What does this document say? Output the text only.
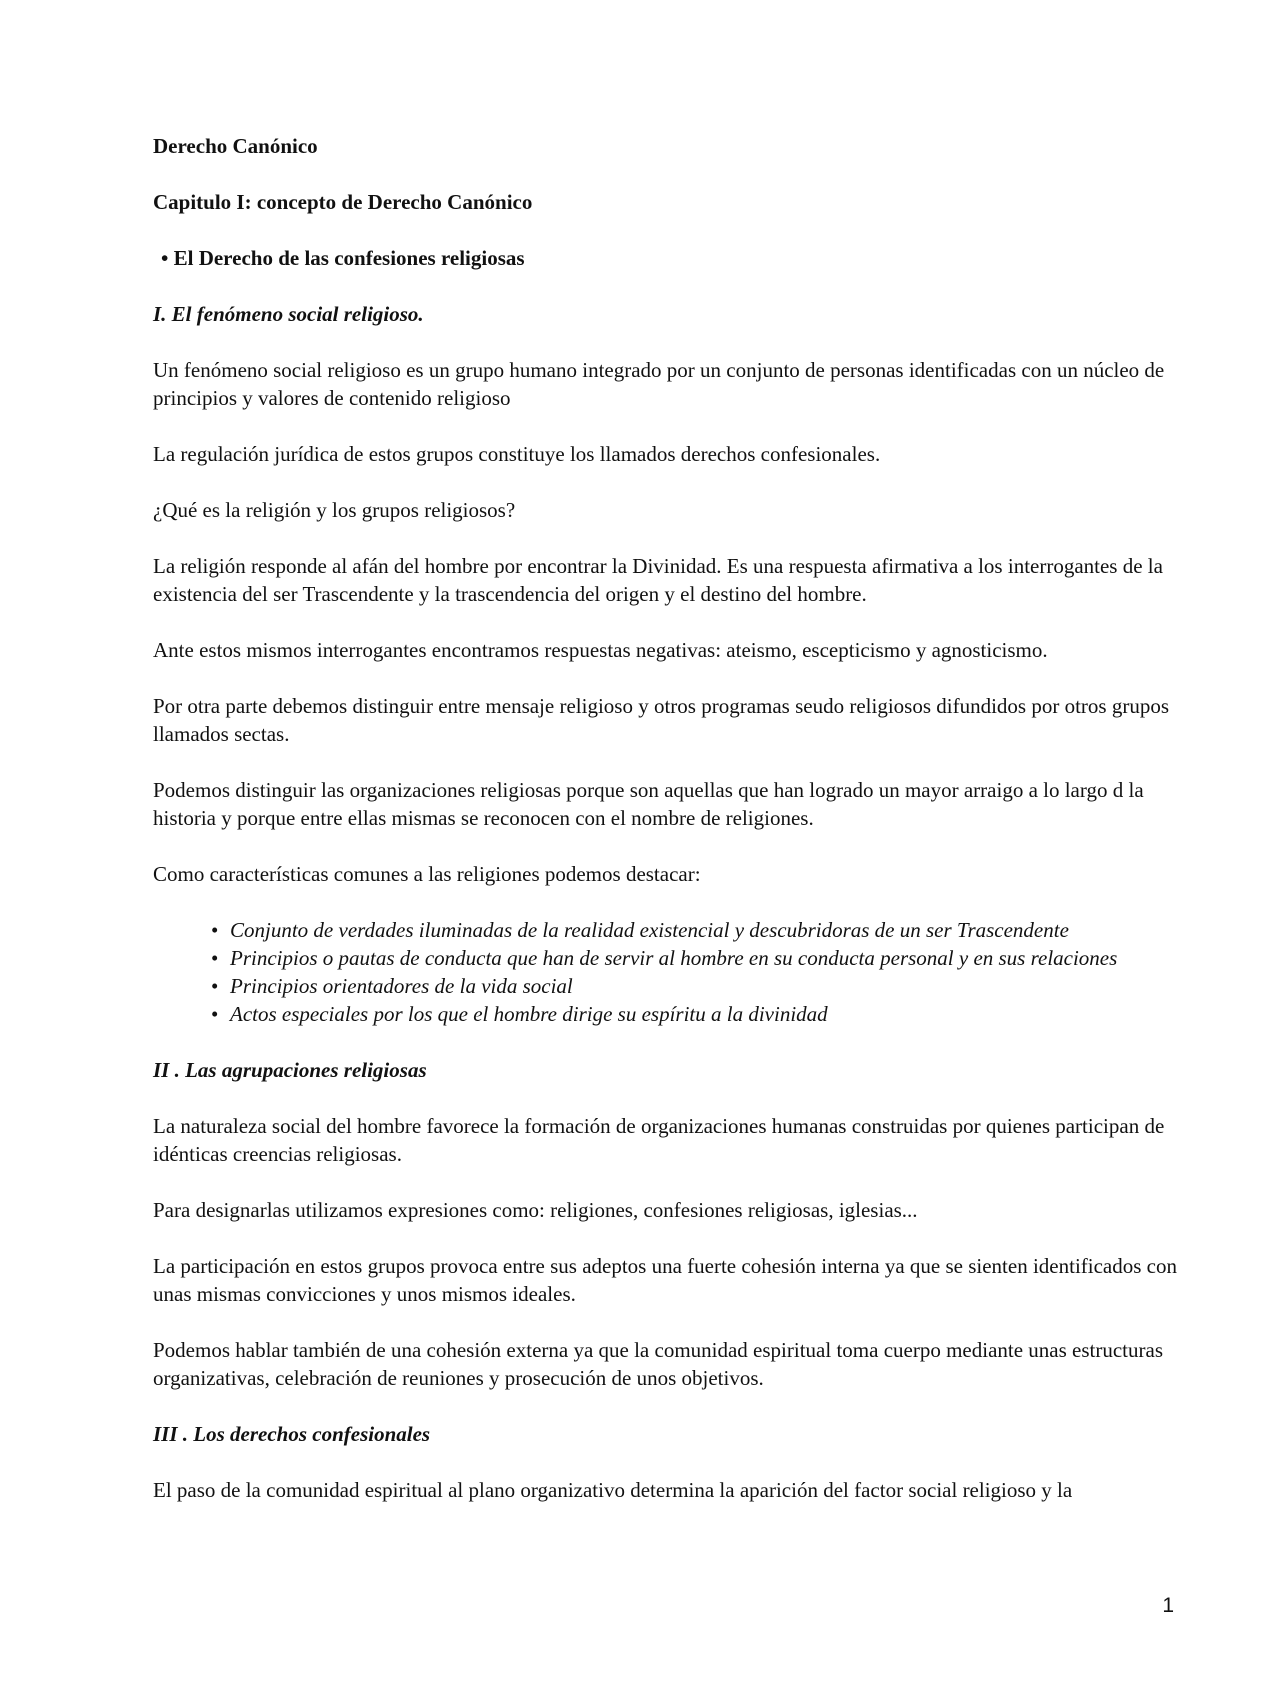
Derecho Canónico

Capitulo I: concepto de Derecho Canónico

• El Derecho de las confesiones religiosas

I. El fenómeno social religioso.

Un fenómeno social religioso es un grupo humano integrado por un conjunto de personas identificadas con un núcleo de principios y valores de contenido religioso

La regulación jurídica de estos grupos constituye los llamados derechos confesionales.

¿Qué es la religión y los grupos religiosos?

La religión responde al afán del hombre por encontrar la Divinidad. Es una respuesta afirmativa a los interrogantes de la existencia del ser Trascendente y la trascendencia del origen y el destino del hombre.

Ante estos mismos interrogantes encontramos respuestas negativas: ateismo, escepticismo y agnosticismo.

Por otra parte debemos distinguir entre mensaje religioso y otros programas seudo religiosos difundidos por otros grupos llamados sectas.

Podemos distinguir las organizaciones religiosas porque son aquellas que han logrado un mayor arraigo a lo largo d la historia y porque entre ellas mismas se reconocen con el nombre de religiones.

Como características comunes a las religiones podemos destacar:

• Conjunto de verdades iluminadas de la realidad existencial y descubridoras de un ser Trascendente
• Principios o pautas de conducta que han de servir al hombre en su conducta personal y en sus relaciones
• Principios orientadores de la vida social
• Actos especiales por los que el hombre dirige su espíritu a la divinidad

II . Las agrupaciones religiosas

La naturaleza social del hombre favorece la formación de organizaciones humanas construidas por quienes participan de idénticas creencias religiosas.

Para designarlas utilizamos expresiones como: religiones, confesiones religiosas, iglesias...

La participación en estos grupos provoca entre sus adeptos una fuerte cohesión interna ya que se sienten identificados con unas mismas convicciones y unos mismos ideales.

Podemos hablar también de una cohesión externa ya que la comunidad espiritual toma cuerpo mediante unas estructuras organizativas, celebración de reuniones y prosecución de unos objetivos.

III . Los derechos confesionales

El paso de la comunidad espiritual al plano organizativo determina la aparición del factor social religioso y la

1
